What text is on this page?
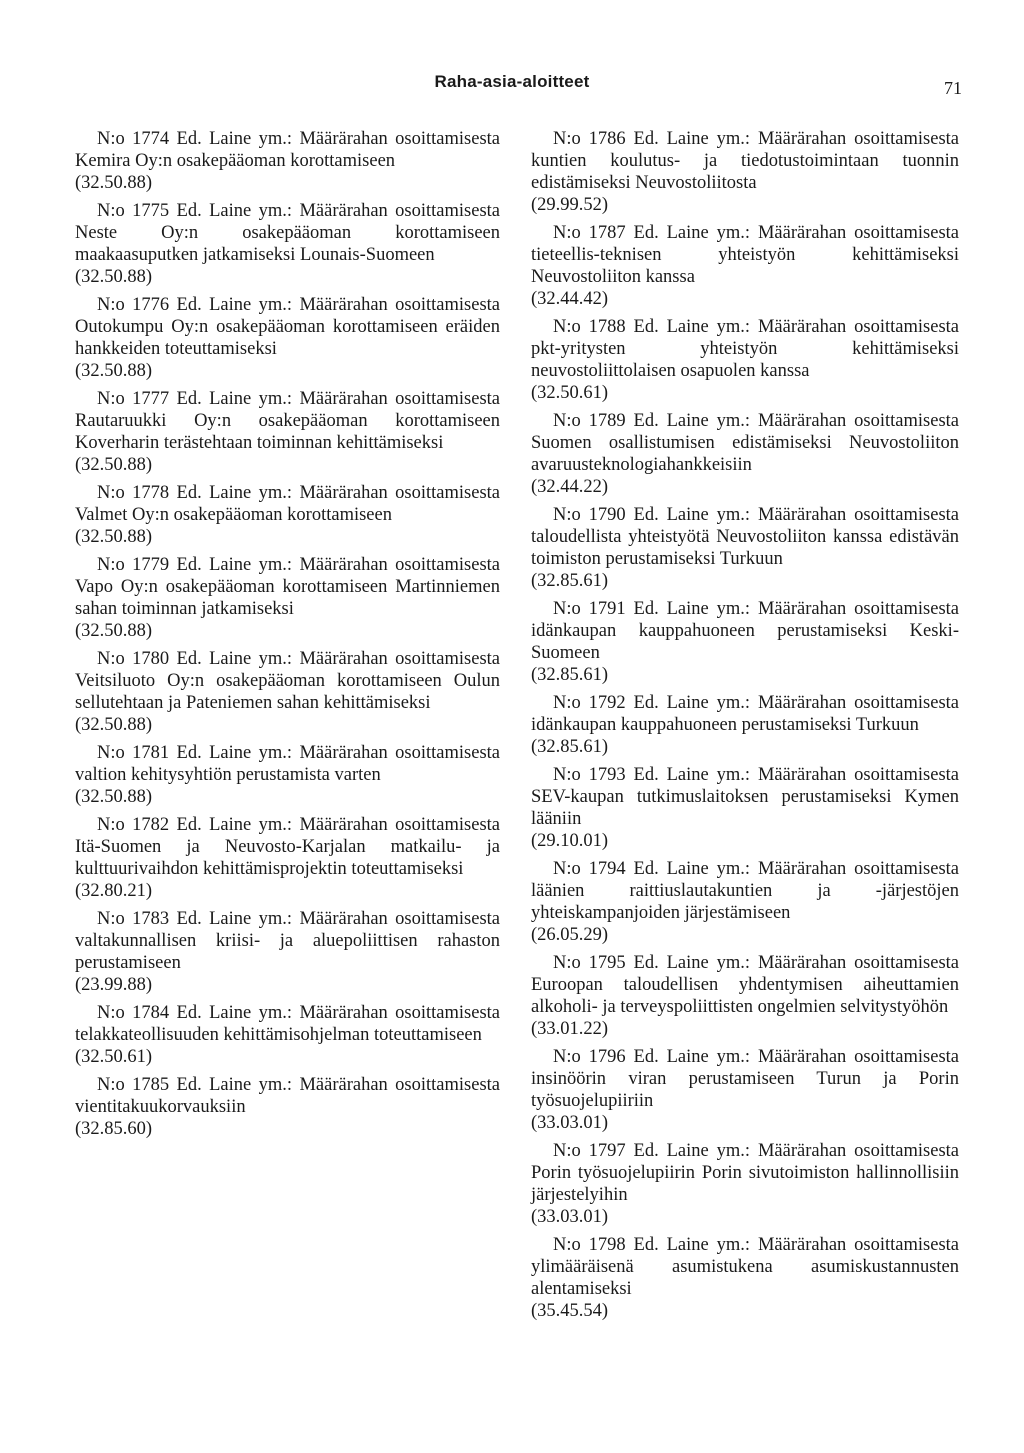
Raha-asia-aloitteet	71
N:o 1774 Ed. Laine ym.: Määrärahan osoittamisesta Kemira Oy:n osakepääoman korottamiseen
(32.50.88)
N:o 1775 Ed. Laine ym.: Määrärahan osoittamisesta Neste Oy:n osakepääoman korottamiseen maakaasuputken jatkamiseksi Lounais-Suomeen
(32.50.88)
N:o 1776 Ed. Laine ym.: Määrärahan osoittamisesta Outokumpu Oy:n osakepääoman korottamiseen eräiden hankkeiden toteuttamiseksi
(32.50.88)
N:o 1777 Ed. Laine ym.: Määrärahan osoittamisesta Rautaruukki Oy:n osakepääoman korottamiseen Koverharin terästehtaan toiminnan kehittämiseksi
(32.50.88)
N:o 1778 Ed. Laine ym.: Määrärahan osoittamisesta Valmet Oy:n osakepääoman korottamiseen
(32.50.88)
N:o 1779 Ed. Laine ym.: Määrärahan osoittamisesta Vapo Oy:n osakepääoman korottamiseen Martinniemen sahan toiminnan jatkamiseksi
(32.50.88)
N:o 1780 Ed. Laine ym.: Määrärahan osoittamisesta Veitsiluoto Oy:n osakepääoman korottamiseen Oulun sellutehtaan ja Pateniemen sahan kehittämiseksi
(32.50.88)
N:o 1781 Ed. Laine ym.: Määrärahan osoittamisesta valtion kehitysyhtiön perustamista varten
(32.50.88)
N:o 1782 Ed. Laine ym.: Määrärahan osoittamisesta Itä-Suomen ja Neuvosto-Karjalan matkailu- ja kulttuurivaihdon kehittämisprojektin toteuttamiseksi
(32.80.21)
N:o 1783 Ed. Laine ym.: Määrärahan osoittamisesta valtakunnallisen kriisi- ja aluepoliittisen rahaston perustamiseen
(23.99.88)
N:o 1784 Ed. Laine ym.: Määrärahan osoittamisesta telakkateollisuuden kehittämisohjelman toteuttamiseen
(32.50.61)
N:o 1785 Ed. Laine ym.: Määrärahan osoittamisesta vientitakuukorvauksiin
(32.85.60)
N:o 1786 Ed. Laine ym.: Määrärahan osoittamisesta kuntien koulutus- ja tiedotustoimintaan tuonnin edistämiseksi Neuvostoliitosta
(29.99.52)
N:o 1787 Ed. Laine ym.: Määrärahan osoittamisesta tieteellis-teknisen yhteistyön kehittämiseksi Neuvostoliiton kanssa
(32.44.42)
N:o 1788 Ed. Laine ym.: Määrärahan osoittamisesta pkt-yritysten yhteistyön kehittämiseksi neuvostoliittolaisen osapuolen kanssa
(32.50.61)
N:o 1789 Ed. Laine ym.: Määrärahan osoittamisesta Suomen osallistumisen edistämiseksi Neuvostoliiton avaruusteknologiahankkeisiin
(32.44.22)
N:o 1790 Ed. Laine ym.: Määrärahan osoittamisesta taloudellista yhteistyötä Neuvostoliiton kanssa edistävän toimiston perustamiseksi Turkuun
(32.85.61)
N:o 1791 Ed. Laine ym.: Määrärahan osoittamisesta idänkaupan kauppahuoneen perustamiseksi Keski-Suomeen
(32.85.61)
N:o 1792 Ed. Laine ym.: Määrärahan osoittamisesta idänkaupan kauppahuoneen perustamiseksi Turkuun
(32.85.61)
N:o 1793 Ed. Laine ym.: Määrärahan osoittamisesta SEV-kaupan tutkimuslaitoksen perustamiseksi Kymen lääniin
(29.10.01)
N:o 1794 Ed. Laine ym.: Määrärahan osoittamisesta läänien raittiuslautakuntien ja -järjestöjen yhteiskampanjoiden järjestämiseen
(26.05.29)
N:o 1795 Ed. Laine ym.: Määrärahan osoittamisesta Euroopan taloudellisen yhdentymisen aiheuttamien alkoholi- ja terveyspoliittisten ongelmien selvitystyöhön
(33.01.22)
N:o 1796 Ed. Laine ym.: Määrärahan osoittamisesta insinöörin viran perustamiseen Turun ja Porin työsuojelupiiriin
(33.03.01)
N:o 1797 Ed. Laine ym.: Määrärahan osoittamisesta Porin työsuojelupiirin Porin sivutoimiston hallinnollisiin järjestelyihin
(33.03.01)
N:o 1798 Ed. Laine ym.: Määrärahan osoittamisesta ylimääräisenä asumistukena asumiskustannusten alentamiseksi
(35.45.54)
